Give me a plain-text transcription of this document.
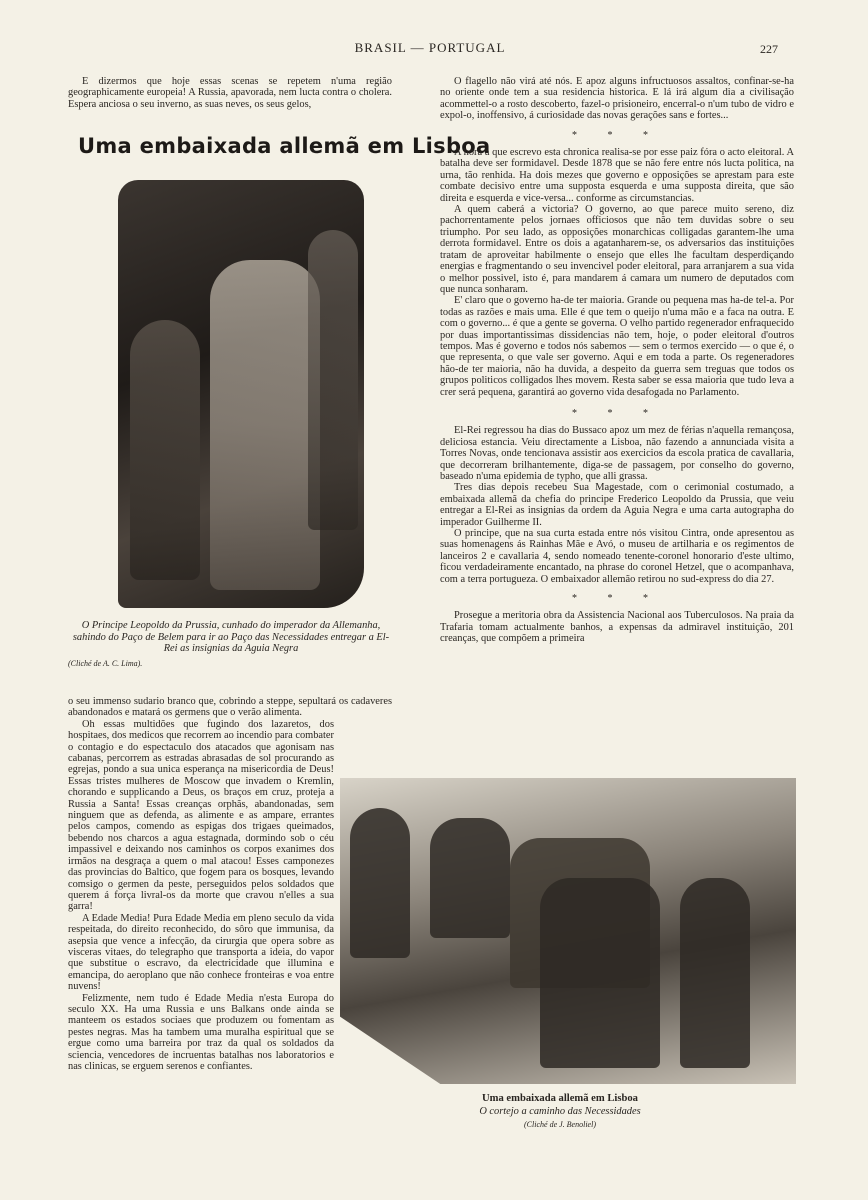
BRASIL — PORTUGAL	227

E dizermos que hoje essas scenas se repetem n'uma região geographicamente europeia! A Russia, apavorada, nem lucta contra o cholera. Espera anciosa o seu inverno, as suas neves, os seus gelos,

Uma embaixada allemã em Lisboa
O Principe Leopoldo da Prussia, cunhado do imperador da Allemanha, sahindo do Paço de Belem para ir ao Paço das Necessidades entregar a El-Rei as insignias da Aguia Negra
(Cliché de A. C. Lima).

o seu immenso sudario branco que, cobrindo a steppe, sepultará os cadaveres abandonados e matará os germens que o verão alimenta.

Oh essas multidões que fugindo dos lazaretos, dos hospitaes, dos medicos que recorrem ao incendio para combater o contagio e do espectaculo dos atacados que agonisam nas cabanas, percorrem as estradas abrasadas de sol procurando as egrejas, pondo a sua unica esperança na misericordia de Deus! Essas tristes mulheres de Moscow que invadem o Kremlin, chorando e supplicando a Deus, os braços em cruz, proteja a Russia a Santa! Essas creanças orphãs, abandonadas, sem ninguem que as defenda, as alimente e as ampare, errantes pelos campos, comendo as espigas dos trigaes queimados, bebendo nos charcos a agua estagnada, dormindo sob o céu impassivel e deixando nos caminhos os corpos exanimes dos irmãos na desgraça a quem o mal atacou! Esses camponezes das provincias do Baltico, que fogem para os bosques, levando comsigo o germen da peste, perseguidos pelos soldados que querem á força livral-os da morte que cravou n'elles a sua garra!

A Edade Media! Pura Edade Media em pleno seculo da vida respeitada, do direito reconhecido, do sôro que immunisa, da asepsia que vence a infecção, da cirurgia que opera sobre as visceras vitaes, do telegrapho que transporta a ideia, do vapor que substitue o escravo, da electricidade que illumina e emancipa, do aeroplano que não conhece fronteiras e voa entre nuvens!

Felizmente, nem tudo é Edade Media n'esta Europa do seculo XX. Ha uma Russia e uns Balkans onde ainda se manteem os estados sociaes que produzem ou fomentam as pestes negras. Mas ha tambem uma muralha espiritual que se ergue como uma barreira por traz da qual os soldados da sciencia, vencedores de incruentas batalhas nos laboratorios e nas clinicas, se erguem serenos e confiantes.

O flagello não virá até nós. E apoz alguns infructuosos assaltos, confinar-se-ha no oriente onde tem a sua residencia historica. E lá irá algum dia a civilisação acommettel-o a rosto descoberto, fazel-o prisioneiro, encerral-o n'um tubo de vidro e expol-o, inoffensivo, á curiosidade das novas gerações sans e fortes...

* * *

A hora a que escrevo esta chronica realisa-se por esse paiz fóra o acto eleitoral. A batalha deve ser formidavel. Desde 1878 que se não fere entre nós lucta politica, na urna, tão renhida. Ha dois mezes que governo e opposições se aprestam para este combate decisivo entre uma supposta esquerda e uma supposta direita, que são direita e esquerda e vice-versa... conforme as circumstancias.

A quem caberá a victoria? O governo, ao que parece muito sereno, diz pachorrentamente pelos jornaes officiosos que não tem duvidas sobre o seu triumpho. Por seu lado, as opposições monarchicas colligadas garantem-lhe uma derrota formidavel. Entre os dois a agatanharem-se, os adversarios das instituições tratam de aproveitar habilmente o ensejo que elles lhe facultam desperdiçando energias e fragmentando o seu invencivel poder eleitoral, para arranjarem a sua vida o melhor possivel, isto é, para mandarem á camara um numero de deputados com que nunca sonharam.

E' claro que o governo ha-de ter maioria. Grande ou pequena mas ha-de tel-a. Por todas as razões e mais uma. Elle é que tem o queijo n'uma mão e a faca na outra. E com o governo... é que a gente se governa. O velho partido regenerador enfraquecido por duas importantissimas dissidencias não tem, hoje, o poder eleitoral d'outros tempos. Mas é governo e todos nós sabemos — sem o termos exercido — o que é, o que representa, o que vale ser governo. Aqui e em toda a parte. Os regeneradores hão-de ter maioria, não ha duvida, a despeito da guerra sem treguas que todos os grupos politicos colligados lhes movem. Resta saber se essa maioria que tudo leva a crer será pequena, garantirá ao governo vida desafogada no Parlamento.

* * *

El-Rei regressou ha dias do Bussaco apoz um mez de férias n'aquella remançosa, deliciosa estancia. Veiu directamente a Lisboa, não fazendo a annunciada visita a Torres Novas, onde tencionava assistir aos exercicios da escola pratica de cavallaria, que decorreram brilhantemente, diga-se de passagem, por conselho do governo, baseado n'uma epidemia de typho, que alli grassa.

Tres dias depois recebeu Sua Magestade, com o cerimonial costumado, a embaixada allemã da chefia do principe Frederico Leopoldo da Prussia, que veiu entregar a El-Rei as insignias da ordem da Aguia Negra e uma carta autographa do imperador Guilherme II.

O principe, que na sua curta estada entre nós visitou Cintra, onde apresentou as suas homenagens ás Rainhas Mãe e Avó, o museu de artilharia e os regimentos de lanceiros 2 e cavallaria 4, sendo nomeado tenente-coronel honorario d'este ultimo, ficou verdadeiramente encantado, na phrase do coronel Hetzel, que o acompanhava, com a terra portugueza. O embaixador allemão retirou no sud-express do dia 27.

* * *

Prosegue a meritoria obra da Assistencia Nacional aos Tuberculosos. Na praia da Trafaria tomam actualmente banhos, a expensas da admiravel instituição, 201 creanças, que compõem a primeira

Uma embaixada allemã em Lisboa
O cortejo a caminho das Necessidades
(Cliché de J. Benoliel)
